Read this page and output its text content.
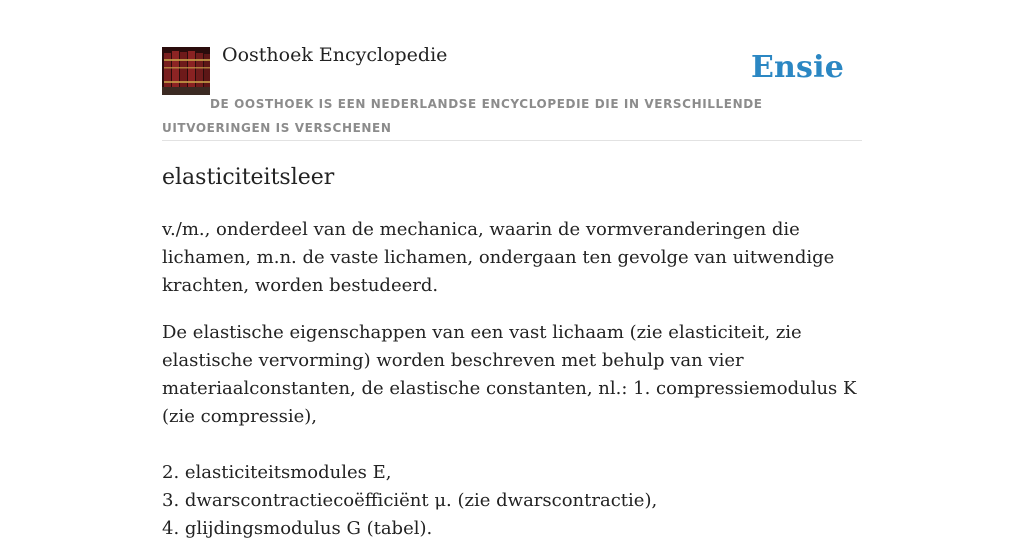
Oosthoek Encyclopedie	Ensie
DE OOSTHOEK IS EEN NEDERLANDSE ENCYCLOPEDIE DIE IN VERSCHILLENDE UITVOERINGEN IS VERSCHENEN
elasticiteitsleer

v./m., onderdeel van de mechanica, waarin de vormveranderingen die lichamen, m.n. de vaste lichamen, ondergaan ten gevolge van uitwendige krachten, worden bestudeerd.

De elastische eigenschappen van een vast lichaam (zie elasticiteit, zie elastische vervorming) worden beschreven met behulp van vier materiaalconstanten, de elastische constanten, nl.: 1. compressiemodulus K (zie compressie),

2. elasticiteitsmodules E,

3. dwarscontractiecoëfficiënt μ. (zie dwarscontractie),

4. glijdingsmodulus G (tabel).
